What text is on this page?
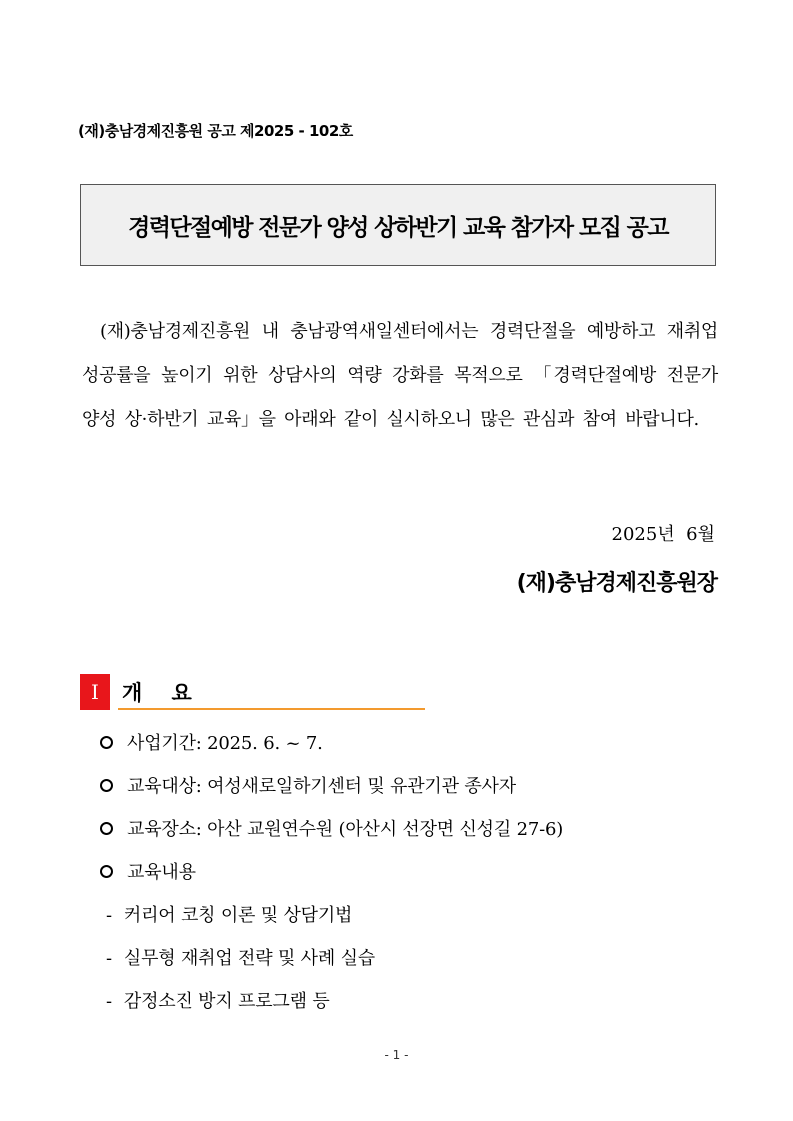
(재)충남경제진흥원 공고 제2025 - 102호
경력단절예방 전문가 양성 상하반기 교육 참가자 모집 공고

(재)충남경제진흥원 내 충남광역새일센터에서는 경력단절을 예방하고 재취업 성공률을 높이기 위한 상담사의 역량 강화를 목적으로 「경력단절예방 전문가 양성 상·하반기 교육」을 아래와 같이 실시하오니 많은 관심과 참여 바랍니다.

2025년  6월
(재)충남경제진흥원장
I	개    요
사업기간: 2025. 6. ~ 7.
교육대상: 여성새로일하기센터 및 유관기관 종사자
교육장소: 아산 교원연수원 (아산시 선장면 신성길 27-6)
교육내용
- 커리어 코칭 이론 및 상담기법
- 실무형 재취업 전략 및 사례 실습
- 감정소진 방지 프로그램 등
- 1 -
